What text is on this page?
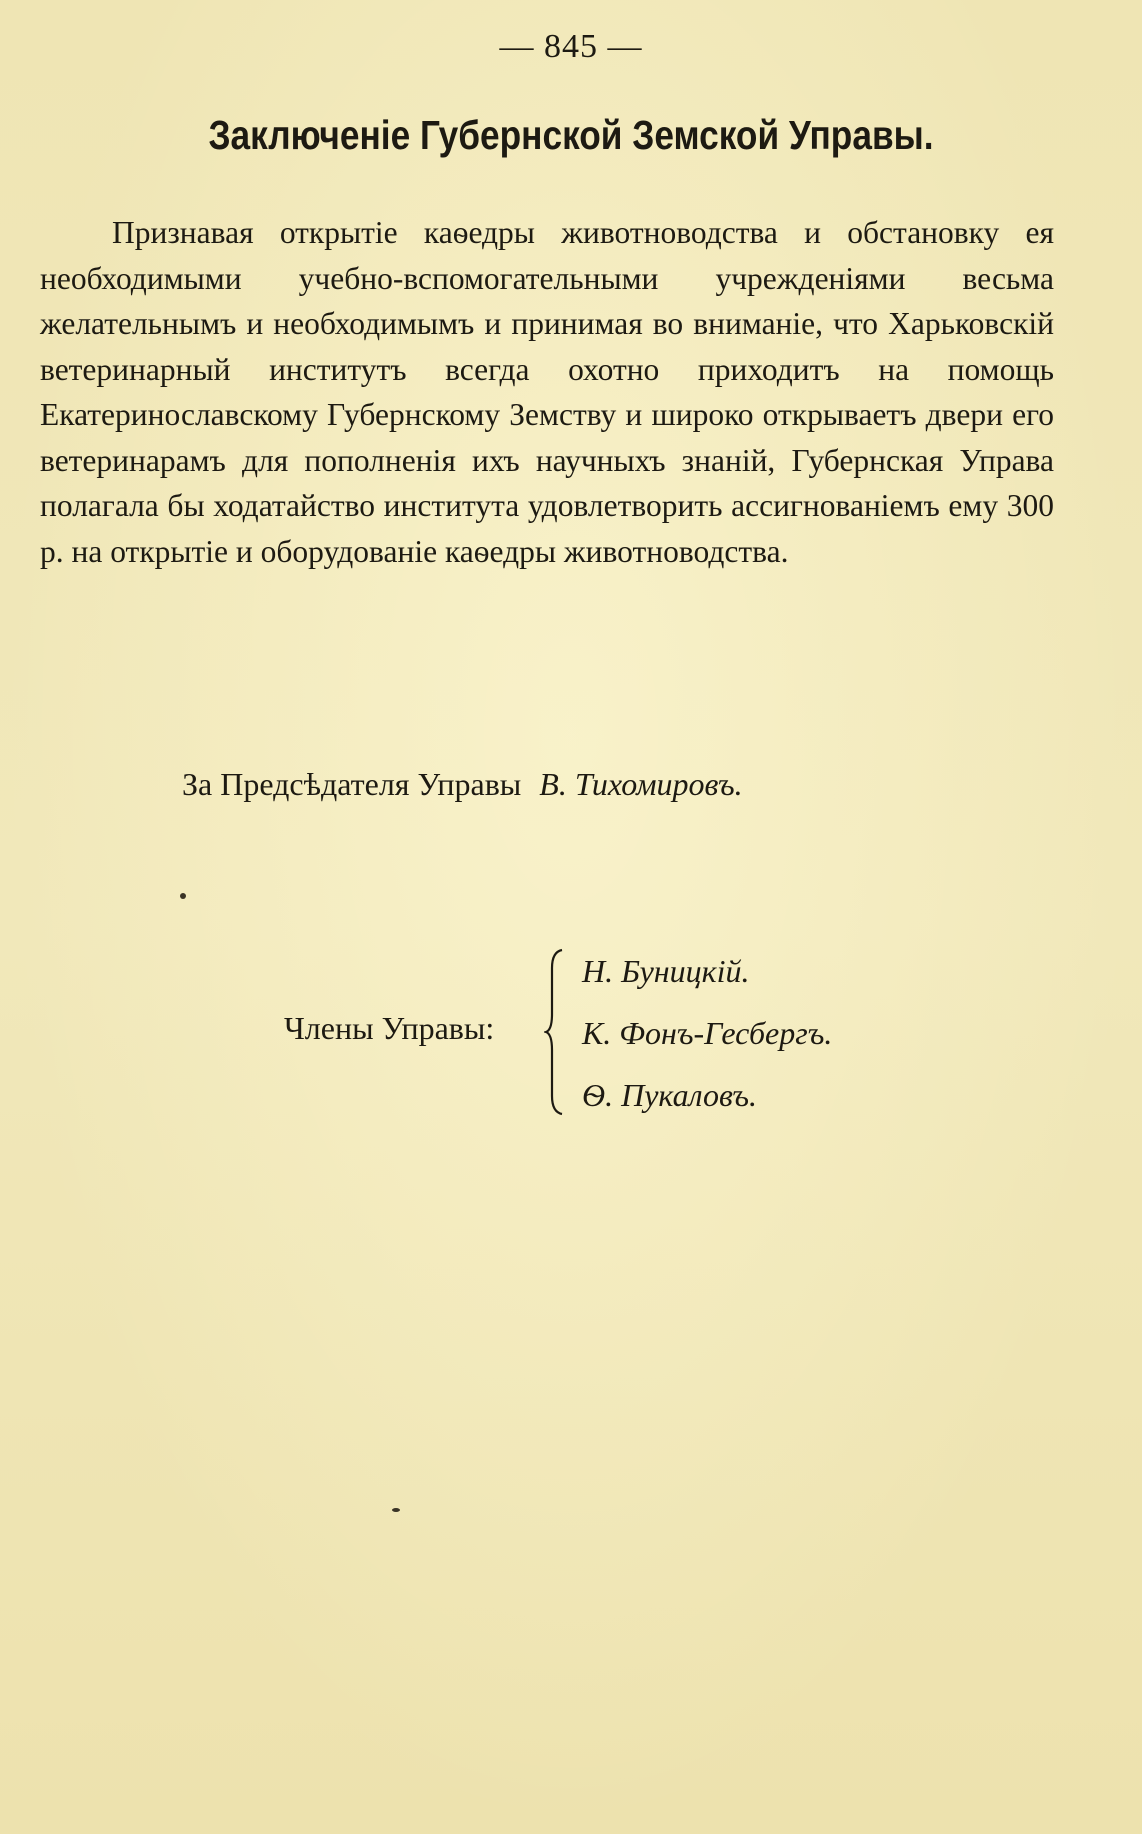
— 845 —
Заключеніе Губернской Земской Управы.

Признавая открытіе каѳедры животноводства и обстановку ея необходимыми учебно-вспомогательными учрежденіями весьма желательнымъ и необходимымъ и принимая во вниманіе, что Харьковскій ветеринарный институтъ всегда охотно приходитъ на помощь Екатеринославскому Губернскому Земству и широко открываетъ двери его ветеринарамъ для пополненія ихъ научныхъ знаній, Губернская Управа полагала бы ходатайство института удовлетворить ассигнованіемъ ему 300 р. на открытіе и оборудованіе каѳедры животноводства.

За Предсѣдателя Управы В. Тихомировъ.
Члены Управы:
Н. Буницкій.
К. Фонъ-Гесбергъ.
Ѳ. Пукаловъ.
